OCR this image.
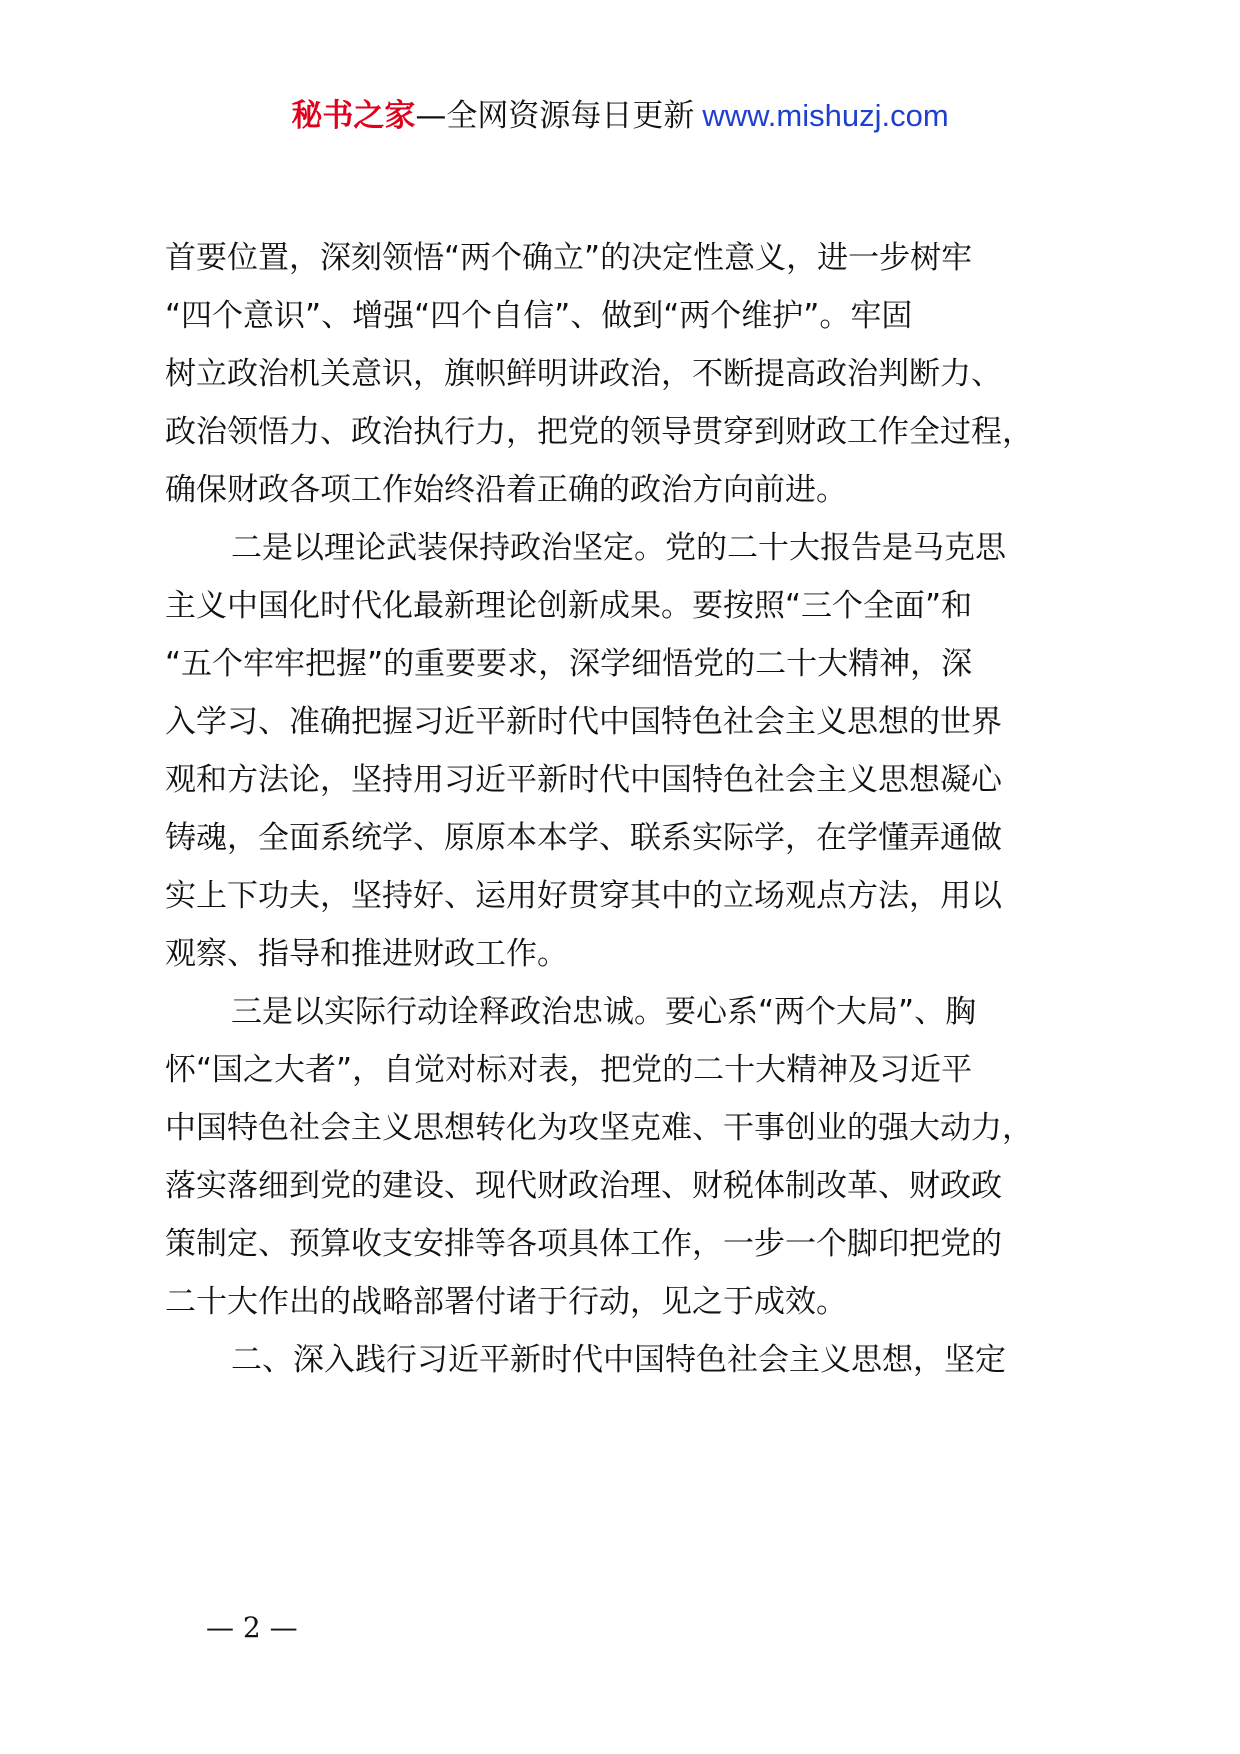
秘书之家—全网资源每日更新 www.mishuzj.com
首要位置，深刻领悟“两个确立”的决定性意义，进一步树牢
“四个意识”、增强“四个自信”、做到“两个维护”。牢固
树立政治机关意识，旗帜鲜明讲政治，不断提高政治判断力、
政治领悟力、政治执行力，把党的领导贯穿到财政工作全过程，
确保财政各项工作始终沿着正确的政治方向前进。
二是以理论武装保持政治坚定。党的二十大报告是马克思
主义中国化时代化最新理论创新成果。要按照“三个全面”和
“五个牢牢把握”的重要要求，深学细悟党的二十大精神，深
入学习、准确把握习近平新时代中国特色社会主义思想的世界
观和方法论，坚持用习近平新时代中国特色社会主义思想凝心
铸魂，全面系统学、原原本本学、联系实际学，在学懂弄通做
实上下功夫，坚持好、运用好贯穿其中的立场观点方法，用以
观察、指导和推进财政工作。
三是以实际行动诠释政治忠诚。要心系“两个大局”、胸
怀“国之大者”，自觉对标对表，把党的二十大精神及习近平
中国特色社会主义思想转化为攻坚克难、干事创业的强大动力，
落实落细到党的建设、现代财政治理、财税体制改革、财政政
策制定、预算收支安排等各项具体工作，一步一个脚印把党的
二十大作出的战略部署付诸于行动，见之于成效。
二、深入践行习近平新时代中国特色社会主义思想，坚定
— 2 —
